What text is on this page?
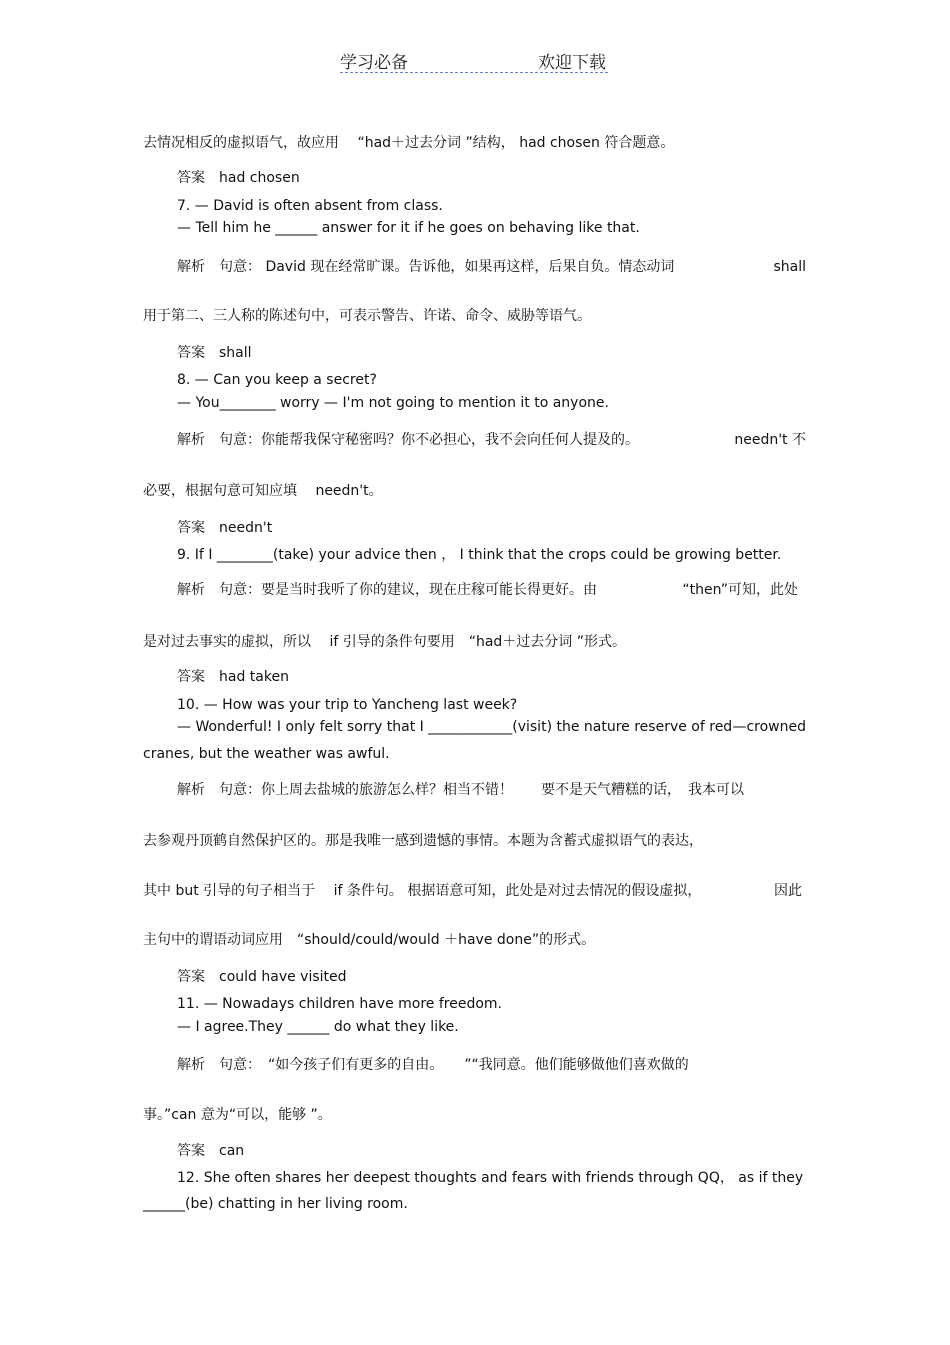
学习必备	欢迎下载
去情况相反的虚拟语气，故应用　 “had＋过去分词 ”结构， had chosen 符合题意。
答案　had chosen
7. — David is often absent from class.
— Tell him he ______ answer for it if he goes on behaving like that.
解析　句意： David 现在经常旷课。告诉他，如果再这样，后果自负。情态动词	shall
用于第二、三人称的陈述句中，可表示警告、许诺、命令、威胁等语气。
答案　shall
8. — Can you keep a secret?
— You________ worry — I'm not going to mention it to anyone.
解析　句意：你能帮我保守秘密吗？你不必担心，我不会向任何人提及的。	needn't 不
必要，根据句意可知应填　 needn't。
答案　needn't
9. If I ________(take) your advice then ， I think that the crops could be growing better.
解析　句意：要是当时我听了你的建议，现在庄稼可能长得更好。由	“then”可知，此处
是对过去事实的虚拟，所以　 if 引导的条件句要用　“had＋过去分词 ”形式。
答案　had taken
10. — How was your trip to Yancheng last week?
— Wonderful! I only felt sorry that I ____________(visit) the nature reserve of red —crowned
cranes, but the weather was awful.
解析　句意：你上周去盐城的旅游怎么样？相当不错！　　要不是天气糟糕的话，　我本可以
去参观丹顶鹤自然保护区的。那是我唯一感到遗憾的事情。本题为含蓄式虚拟语气的表达，
其中 but 引导的句子相当于　 if 条件句。 根据语意可知，此处是对过去情况的假设虚拟，	因此
主句中的谓语动词应用　“should/could/would ＋have done”的形式。
答案　could have visited
11. — Nowadays children have more freedom.
— I agree.They ______ do what they like.
解析　句意：　“如今孩子们有更多的自由。　　”“我同意。他们能够做他们喜欢做的
事。”can 意为“可以，能够 ”。
答案　can
12. She often shares her deepest thoughts and fears with friends through QQ， as if they
______(be) chatting in her living room.
